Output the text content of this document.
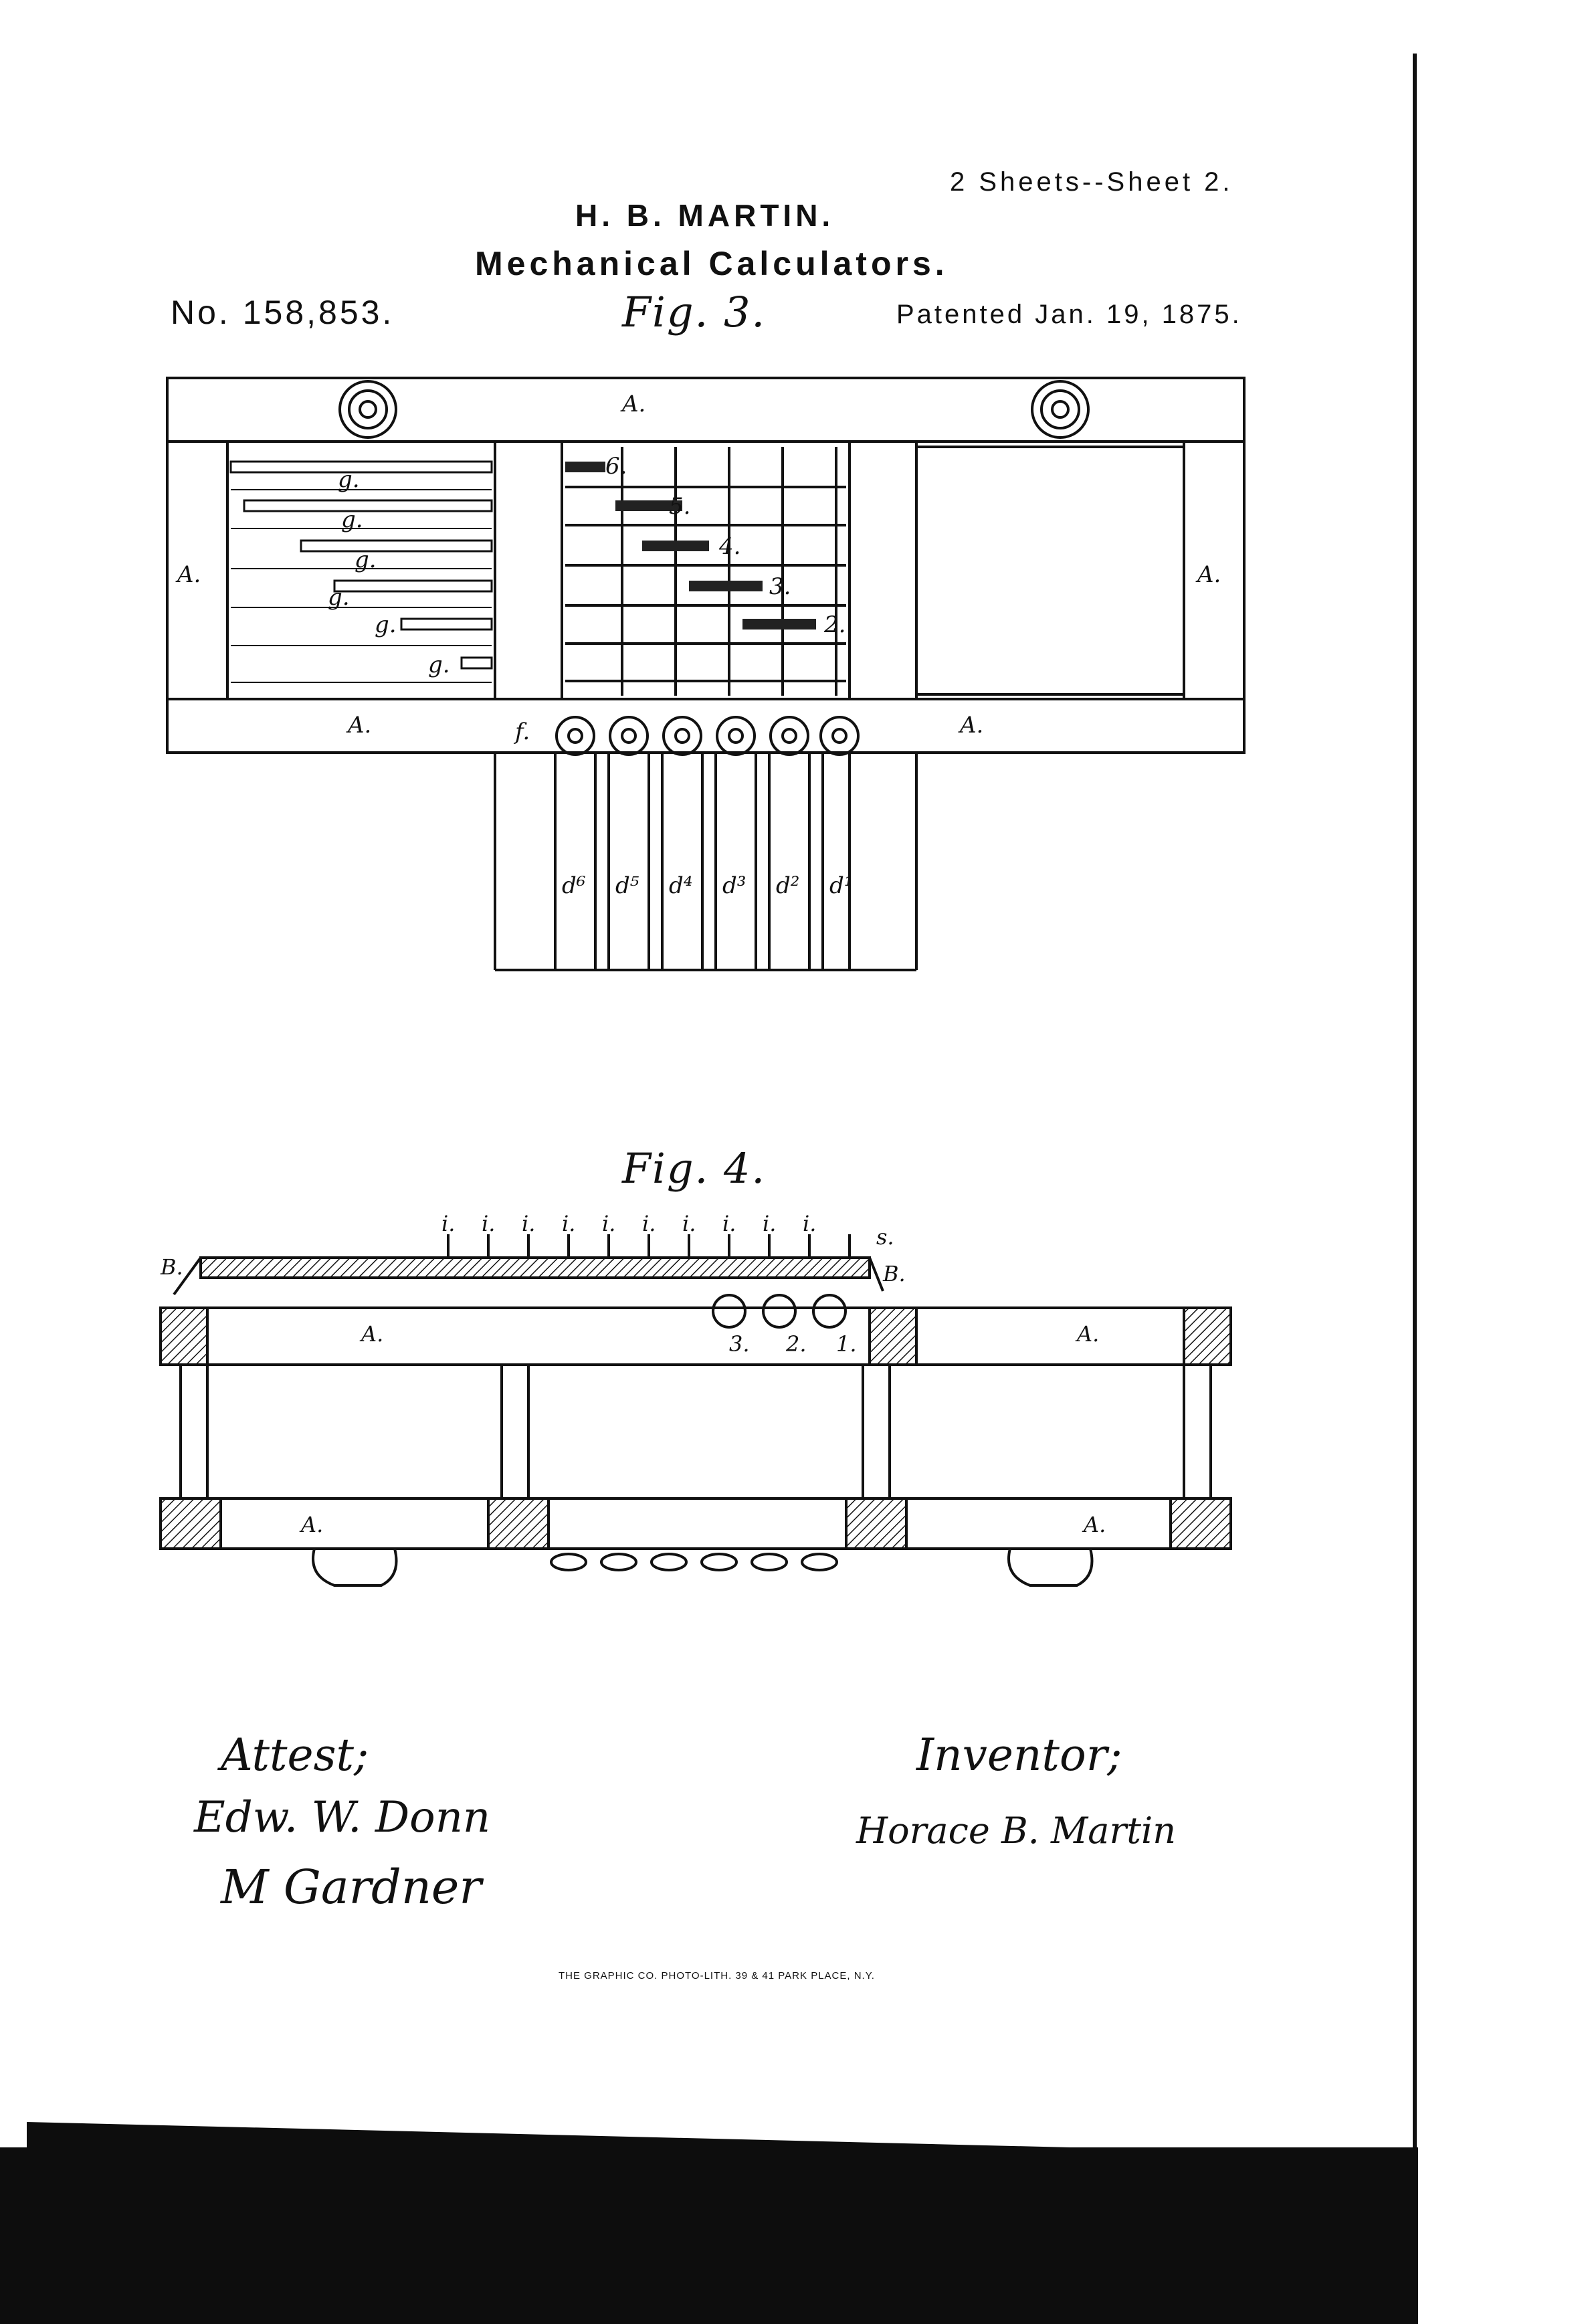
2 Sheets--Sheet 2.
H. B. MARTIN.
Mechanical Calculators.
No. 158,853.	Fig. 3.	Patented Jan. 19, 1875.
A.
A.	A.
A.	A.
g.
g.
g.
g.
g.
g.
6.
5.
4.
3.
2.
f.
d⁶ d⁵ d⁴ d³ d² d¹
Fig. 4.
A.	A.
A.	A.
B.	B.
s.
i. i. i. i. i. i. i. i. i. i.
3. 2. 1.
Attest;
Edw. W. Donn
M Gardner
Inventor;
Horace B. Martin
THE GRAPHIC CO. PHOTO-LITH. 39 & 41 PARK PLACE, N.Y.
